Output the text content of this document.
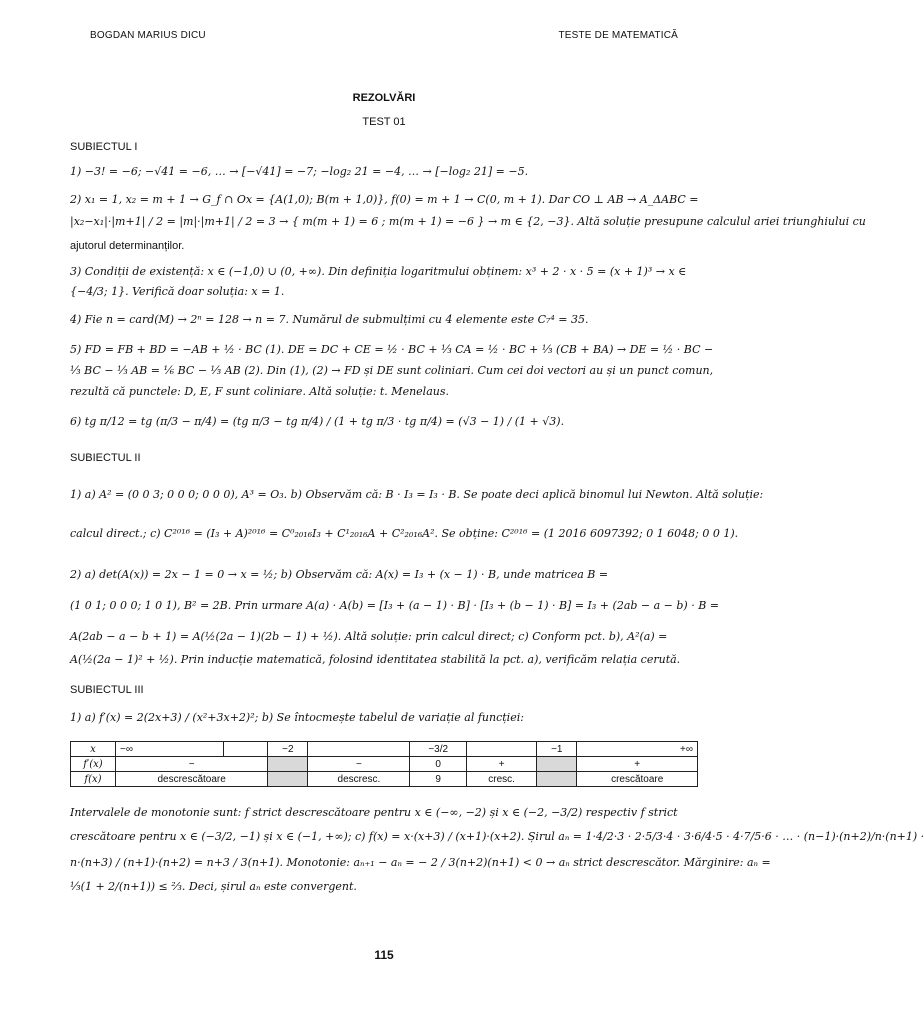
BOGDAN MARIUS DICU	TESTE DE MATEMATICĂ
REZOLVĂRI
TEST 01
SUBIECTUL I
1) −3! = −6; −√41 = −6, … → [−√41] = −7; −log₂ 21 = −4, … → [−log₂ 21] = −5.
2) x₁ = 1, x₂ = m + 1 → G_f ∩ Ox = {A(1,0); B(m + 1,0)}, f(0) = m + 1 → C(0, m + 1). Dar CO ⊥ AB → A_ΔABC =
|x₂−x₁|·|m+1| / 2 = |m|·|m+1| / 2 = 3 → { m(m + 1) = 6 ; m(m + 1) = −6 } → m ∈ {2, −3}. Altă soluție presupune calculul ariei triunghiului cu
ajutorul determinanților.
3) Condiții de existență: x ∈ (−1,0) ∪ (0, +∞). Din definiția logaritmului obținem: x³ + 2 · x · 5 = (x + 1)³ → x ∈
{−4/3; 1}. Verifică doar soluția: x = 1.
4) Fie n = card(M) → 2ⁿ = 128 → n = 7. Numărul de submulțimi cu 4 elemente este C₇⁴ = 35.
5) FD = FB + BD = −AB + ½ · BC (1). DE = DC + CE = ½ · BC + ⅓ CA = ½ · BC + ⅓ (CB + BA) → DE = ½ · BC −
⅓ BC − ⅓ AB = ⅙ BC − ⅓ AB (2). Din (1), (2) → FD și DE sunt coliniari. Cum cei doi vectori au și un punct comun,
rezultă că punctele: D, E, F sunt coliniare. Altă soluție: t. Menelaus.
6) tg π/12 = tg (π/3 − π/4) = (tg π/3 − tg π/4) / (1 + tg π/3 · tg π/4) = (√3 − 1) / (1 + √3).
SUBIECTUL II
1) a) A² = (0 0 3; 0 0 0; 0 0 0), A³ = O₃. b) Observăm că: B · I₃ = I₃ · B. Se poate deci aplică binomul lui Newton. Altă soluție:
calcul direct.; c) C²⁰¹⁶ = (I₃ + A)²⁰¹⁶ = C⁰₂₀₁₆I₃ + C¹₂₀₁₆A + C²₂₀₁₆A². Se obține: C²⁰¹⁶ = (1 2016 6097392; 0 1 6048; 0 0 1).
2) a) det(A(x)) = 2x − 1 = 0 → x = ½; b) Observăm că: A(x) = I₃ + (x − 1) · B, unde matricea B =
(1 0 1; 0 0 0; 1 0 1), B² = 2B. Prin urmare A(a) · A(b) = [I₃ + (a − 1) · B] · [I₃ + (b − 1) · B] = I₃ + (2ab − a − b) · B =
A(2ab − a − b + 1) = A(½(2a − 1)(2b − 1) + ½). Altă soluție: prin calcul direct; c) Conform pct. b), A²(a) =
A(½(2a − 1)² + ½). Prin inducție matematică, folosind identitatea stabilită la pct. a), verificăm relația cerută.
SUBIECTUL III
1) a) f′(x) = 2(2x+3) / (x²+3x+2)²; b) Se întocmește tabelul de variație al funcției:
x	−∞		−2		−3/2		−1	+∞
f′(x)	−			−	0	+		+
f(x)	descrescătoare			descresc.	9	cresc.		crescătoare
Intervalele de monotonie sunt: f strict descrescătoare pentru x ∈ (−∞, −2) și x ∈ (−2, −3/2) respectiv f strict
crescătoare pentru x ∈ (−3/2, −1) și x ∈ (−1, +∞); c) f(x) = x·(x+3) / (x+1)·(x+2). Șirul aₙ = 1·4/2·3 · 2·5/3·4 · 3·6/4·5 · 4·7/5·6 · … · (n−1)·(n+2)/n·(n+1) ·
n·(n+3) / (n+1)·(n+2) = n+3 / 3(n+1). Monotonie: aₙ₊₁ − aₙ = − 2 / 3(n+2)(n+1) < 0 → aₙ strict descrescător. Mărginire: aₙ =
⅓(1 + 2/(n+1)) ≤ ⅔. Deci, șirul aₙ este convergent.
115
